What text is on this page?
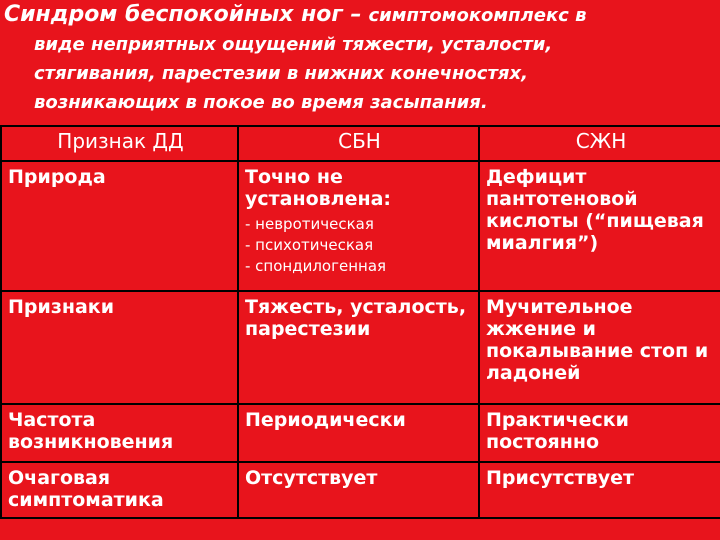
Синдром беспокойных ног – симптомокомплекс в
виде неприятных ощущений тяжести, усталости,
стягивания, парестезии в нижних конечностях,
возникающих в покое во время засыпания.
Признак ДД	СБН	СЖН
Природа	Точно не установлена:
- невротическая
- психотическая
- спондилогенная	Дефицит пантотеновой кислоты (“пищевая миалгия”)
Признаки	Тяжесть, усталость, парестезии	Мучительное жжение и покалывание стоп и ладоней
Частота возникновения	Периодически	Практически постоянно
Очаговая симптоматика	Отсутствует	Присутствует
